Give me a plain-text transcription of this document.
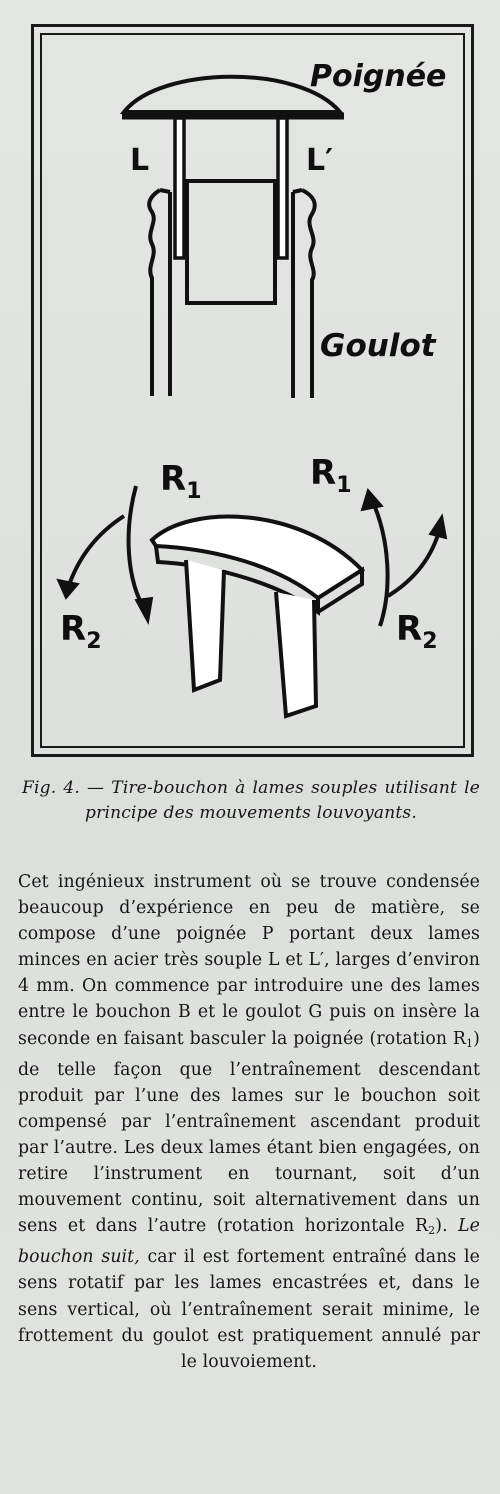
Poignée
L	L′
Goulot
$R_1$	$R_1$
$R_2$	$R_2$
Fig. 4. — Tire-bouchon à lames souples utilisant le principe des mouvements louvoyants.
Cet ingénieux instrument où se trouve condensée beaucoup d’expérience en peu de matière, se compose d’une poignée P portant deux lames minces en acier très souple L et L′, larges d’environ 4 mm. On commence par introduire une des lames entre le bouchon B et le goulot G puis on insère la seconde en faisant basculer la poignée (rotation $R_1$) de telle façon que l’entraînement descendant produit par l’une des lames sur le bouchon soit compensé par l’entraînement ascendant produit par l’autre. Les deux lames étant bien engagées, on retire l’instrument en tournant, soit d’un mouvement continu, soit alternativement dans un sens et dans l’autre (rotation horizontale $R_2$). Le bouchon suit, car il est fortement entraîné dans le sens rotatif par les lames encastrées et, dans le sens vertical, où l’entraînement serait minime, le frottement du goulot est pratiquement annulé par le louvoiement.
